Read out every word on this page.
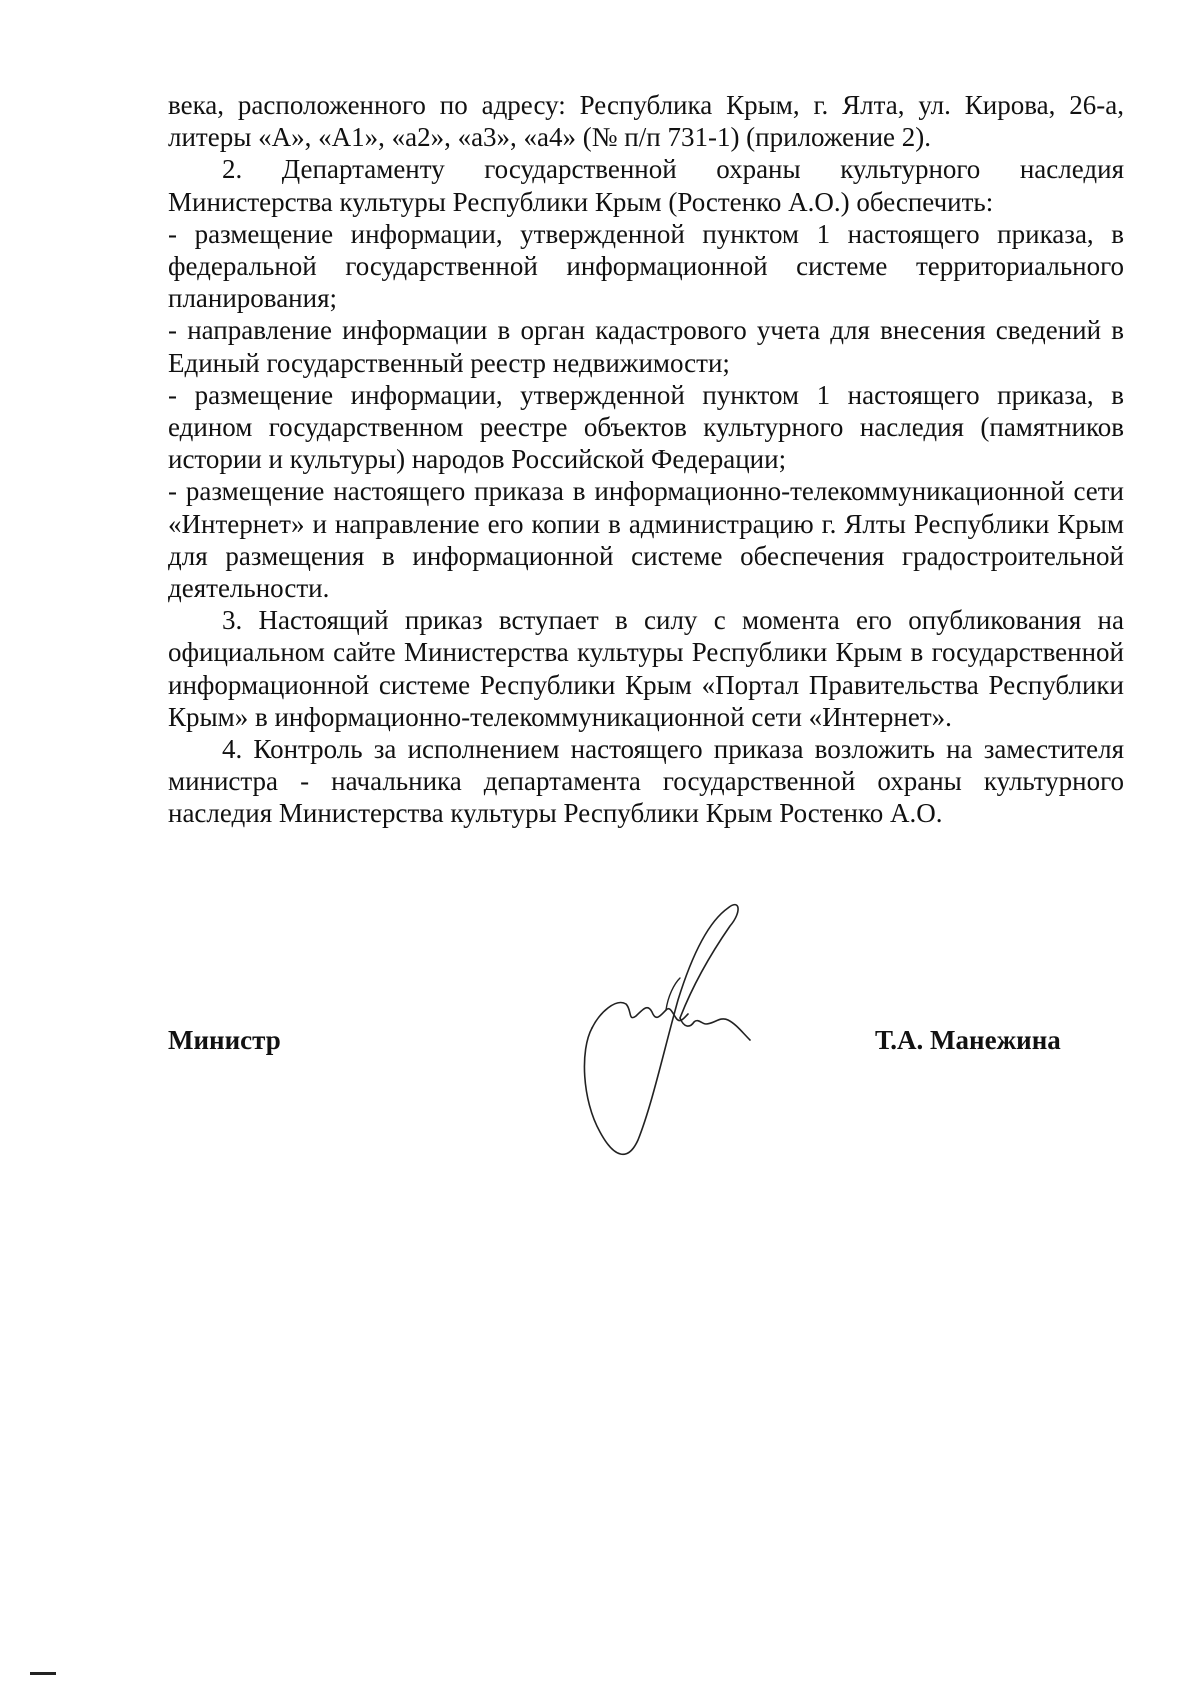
века, расположенного по адресу: Республика Крым, г. Ялта, ул. Кирова, 26-а, литеры «А», «А1», «а2», «а3», «а4» (№ п/п 731-1) (приложение 2).

2. Департаменту государственной охраны культурного наследия Министерства культуры Республики Крым (Ростенко А.О.) обеспечить:

- размещение информации, утвержденной пунктом 1 настоящего приказа, в федеральной государственной информационной системе территориального планирования;

- направление информации в орган кадастрового учета для внесения сведений в Единый государственный реестр недвижимости;

- размещение информации, утвержденной пунктом 1 настоящего приказа, в едином государственном реестре объектов культурного наследия (памятников истории и культуры) народов Российской Федерации;

- размещение настоящего приказа в информационно-телекоммуникационной сети «Интернет» и направление его копии в администрацию г. Ялты Республики Крым для размещения в информационной системе обеспечения градостроительной деятельности.

3. Настоящий приказ вступает в силу с момента его опубликования на официальном сайте Министерства культуры Республики Крым в государственной информационной системе Республики Крым «Портал Правительства Республики Крым» в информационно-телекоммуникационной сети «Интернет».

4. Контроль за исполнением настоящего приказа возложить на заместителя министра - начальника департамента государственной охраны культурного наследия Министерства культуры Республики Крым Ростенко А.О.

Министр	Т.А. Манежина
